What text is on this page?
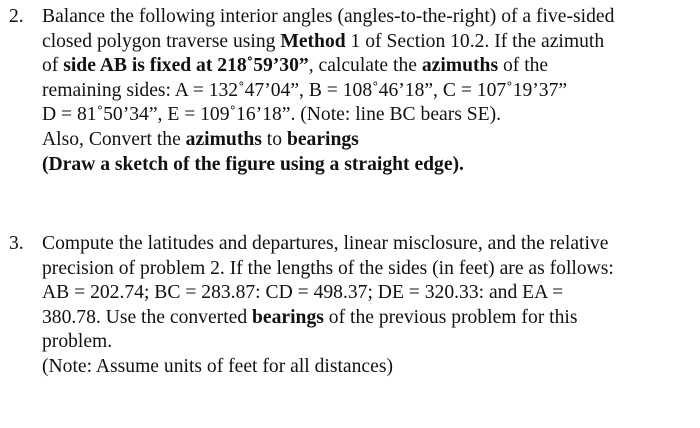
2. Balance the following interior angles (angles-to-the-right) of a five-sided
closed polygon traverse using Method 1 of Section 10.2. If the azimuth
of side AB is fixed at 218˚59’30”, calculate the azimuths of the
remaining sides: A = 132˚47’04”, B = 108˚46’18”, C = 107˚19’37”
D = 81˚50’34”, E = 109˚16’18”. (Note: line BC bears SE).
Also, Convert the azimuths to bearings
(Draw a sketch of the figure using a straight edge).
3. Compute the latitudes and departures, linear misclosure, and the relative
precision of problem 2. If the lengths of the sides (in feet) are as follows:
AB = 202.74; BC = 283.87: CD = 498.37; DE = 320.33: and EA =
380.78. Use the converted bearings of the previous problem for this
problem.
(Note: Assume units of feet for all distances)
